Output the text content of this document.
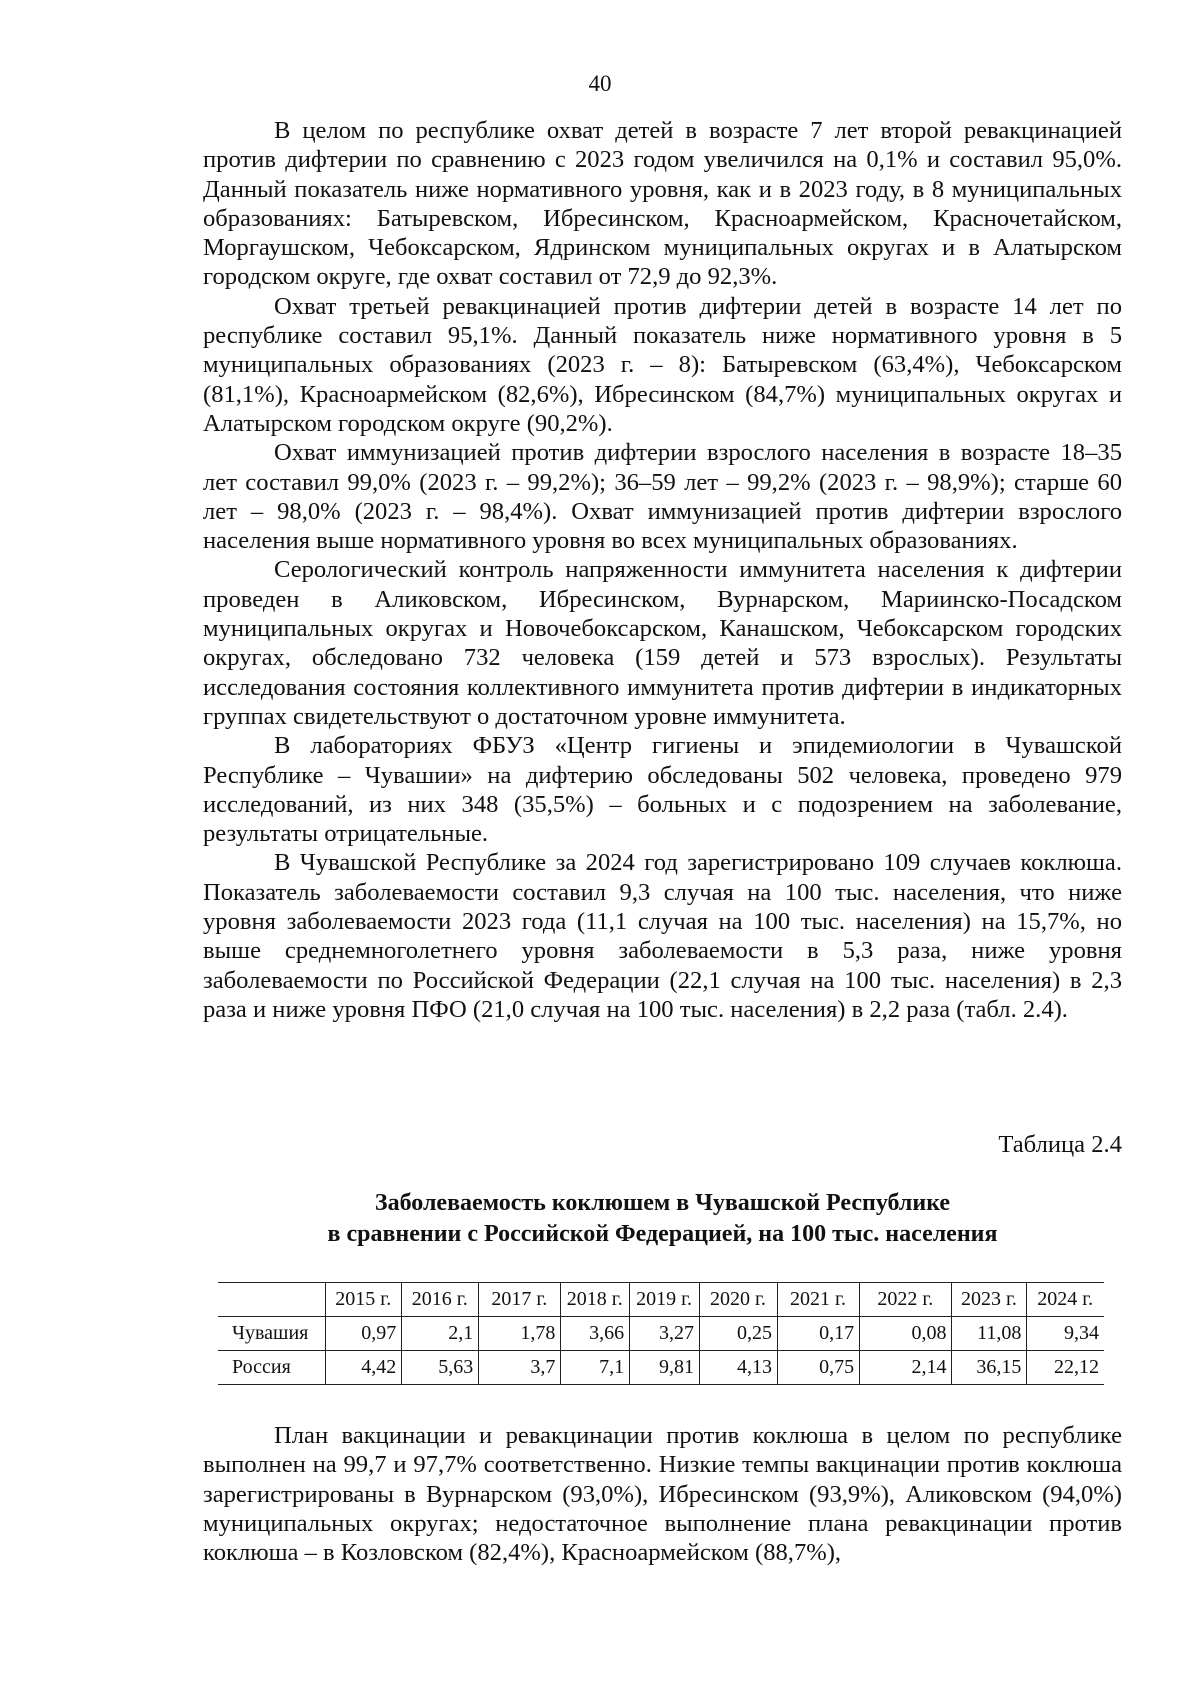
40

В целом по республике охват детей в возрасте 7 лет второй ревакцинацией против дифтерии по сравнению с 2023 годом увеличился на 0,1% и составил 95,0%. Данный показатель ниже нормативного уровня, как и в 2023 году, в 8 муниципальных образованиях: Батыревском, Ибресинском, Красноармейском, Красночетайском, Моргаушском, Чебоксарском, Ядринском муниципальных округах и в Алатырском городском округе, где охват составил от 72,9 до 92,3%.

Охват третьей ревакцинацией против дифтерии детей в возрасте 14 лет по республике составил 95,1%. Данный показатель ниже нормативного уровня в 5 муниципальных образованиях (2023 г. – 8): Батыревском (63,4%), Чебоксарском (81,1%), Красноармейском (82,6%), Ибресинском (84,7%) муниципальных округах и Алатырском городском округе (90,2%).

Охват иммунизацией против дифтерии взрослого населения в возрасте 18–35 лет составил 99,0% (2023 г. – 99,2%); 36–59 лет – 99,2% (2023 г. – 98,9%); старше 60 лет – 98,0% (2023 г. – 98,4%). Охват иммунизацией против дифтерии взрослого населения выше нормативного уровня во всех муниципальных образованиях.

Серологический контроль напряженности иммунитета населения к дифтерии проведен в Аликовском, Ибресинском, Вурнарском, Мариинско-Посадском муниципальных округах и Новочебоксарском, Канашском, Чебоксарском городских округах, обследовано 732 человека (159 детей и 573 взрослых). Результаты исследования состояния коллективного иммунитета против дифтерии в индикаторных группах свидетельствуют о достаточном уровне иммунитета.

В лабораториях ФБУЗ «Центр гигиены и эпидемиологии в Чувашской Республике – Чувашии» на дифтерию обследованы 502 человека, проведено 979 исследований, из них 348 (35,5%) – больных и с подозрением на заболевание, результаты отрицательные.

В Чувашской Республике за 2024 год зарегистрировано 109 случаев коклюша. Показатель заболеваемости составил 9,3 случая на 100 тыс. населения, что ниже уровня заболеваемости 2023 года (11,1 случая на 100 тыс. населения) на 15,7%, но выше среднемноголетнего уровня заболеваемости в 5,3 раза, ниже уровня заболеваемости по Российской Федерации (22,1 случая на 100 тыс. населения) в 2,3 раза и ниже уровня ПФО (21,0 случая на 100 тыс. населения) в 2,2 раза (табл. 2.4).

Таблица 2.4
Заболеваемость коклюшем в Чувашской Республике
в сравнении с Российской Федерацией, на 100 тыс. населения
	2015 г.	2016 г.	2017 г.	2018 г.	2019 г.	2020 г.	2021 г.	2022 г.	2023 г.	2024 г.
Чувашия	0,97	2,1	1,78	3,66	3,27	0,25	0,17	0,08	11,08	9,34
Россия	4,42	5,63	3,7	7,1	9,81	4,13	0,75	2,14	36,15	22,12

План вакцинации и ревакцинации против коклюша в целом по республике выполнен на 99,7 и 97,7% соответственно. Низкие темпы вакцинации против коклюша зарегистрированы в Вурнарском (93,0%), Ибресинском (93,9%), Аликовском (94,0%) муниципальных округах; недостаточное выполнение плана ревакцинации против коклюша – в Козловском (82,4%), Красноармейском (88,7%),
